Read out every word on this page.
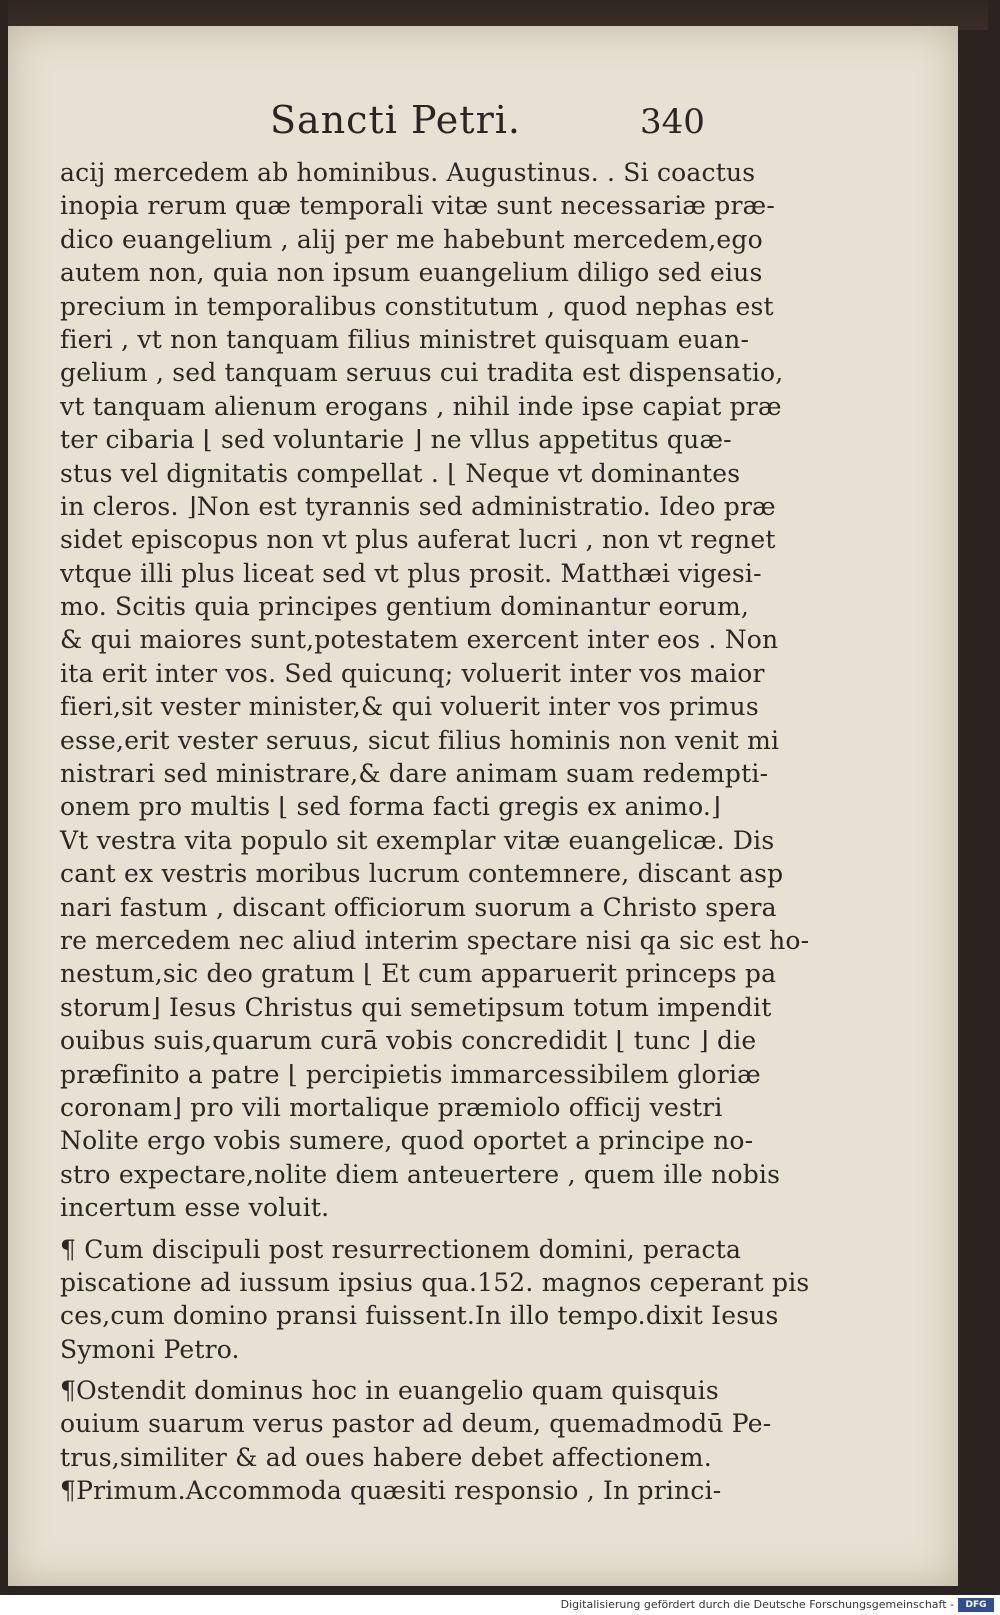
Sancti Petri.	340
acij mercedem ab hominibus. Augustinus. . Si coactus
inopia rerum quæ temporali vitæ sunt necessariæ præ-
dico euangelium , alij per me habebunt mercedem,ego
autem non, quia non ipsum euangelium diligo sed eius
precium in temporalibus constitutum , quod nephas est
fieri , vt non tanquam filius ministret quisquam euan-
gelium , sed tanquam seruus cui tradita est dispensatio,
vt tanquam alienum erogans , nihil inde ipse capiat præ
ter cibaria ⌊ sed voluntarie ⌋ ne vllus appetitus quæ-
stus vel dignitatis compellat . ⌊ Neque vt dominantes
in cleros. ⌋Non est tyrannis sed administratio. Ideo præ
sidet episcopus non vt plus auferat lucri , non vt regnet
vtque illi plus liceat sed vt plus prosit. Matthæi vigesi-
mo. Scitis quia principes gentium dominantur eorum,
& qui maiores sunt,potestatem exercent inter eos . Non
ita erit inter vos. Sed quicunq; voluerit inter vos maior
fieri,sit vester minister,& qui voluerit inter vos primus
esse,erit vester seruus, sicut filius hominis non venit mi
nistrari sed ministrare,& dare animam suam redempti-
onem pro multis ⌊ sed forma facti gregis ex animo.⌋
Vt vestra vita populo sit exemplar vitæ euangelicæ. Dis
cant ex vestris moribus lucrum contemnere, discant asp
nari fastum , discant officiorum suorum a Christo spera
re mercedem nec aliud interim spectare nisi qa sic est ho-
nestum,sic deo gratum ⌊ Et cum apparuerit princeps pa
storum⌋ Iesus Christus qui semetipsum totum impendit
ouibus suis,quarum curā vobis concredidit ⌊ tunc ⌋ die
præfinito a patre ⌊ percipietis immarcessibilem gloriæ
coronam⌋ pro vili mortalique præmiolo officij vestri
Nolite ergo vobis sumere, quod oportet a principe no-
stro expectare,nolite diem anteuertere , quem ille nobis
incertum esse voluit.
¶ Cum discipuli post resurrectionem domini, peracta
piscatione ad iussum ipsius qua.152. magnos ceperant pis
ces,cum domino pransi fuissent.In illo tempo.dixit Iesus
Symoni Petro.
¶Ostendit dominus hoc in euangelio quam quisquis
ouium suarum verus pastor ad deum, quemadmodū Pe-
trus,similiter & ad oues habere debet affectionem.
¶Primum.Accommoda quæsiti responsio , In princi-
Digitalisierung gefördert durch die Deutsche Forschungsgemeinschaft -	DFG
